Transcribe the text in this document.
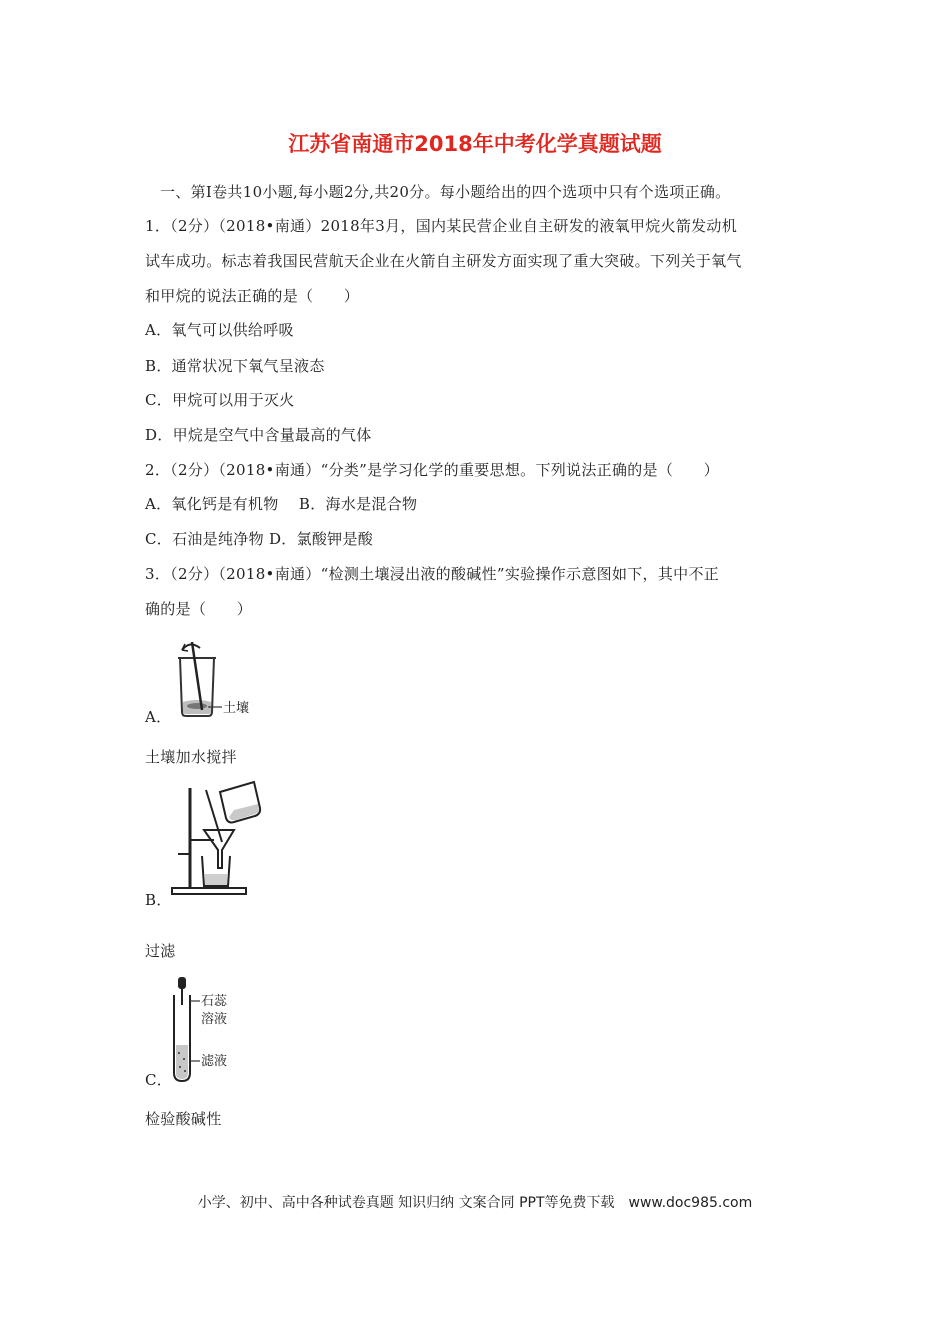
江苏省南通市2018年中考化学真题试题
一、第Ⅰ卷共10小题,每小题2分,共20分。每小题给出的四个选项中只有个选项正确。
1．（2分）（2018•南通）2018年3月，国内某民营企业自主研发的液氧甲烷火箭发动机
试车成功。标志着我国民营航天企业在火箭自主研发方面实现了重大突破。下列关于氧气
和甲烷的说法正确的是（　　）
A．氧气可以供给呼吸
B．通常状况下氧气呈液态
C．甲烷可以用于灭火
D．甲烷是空气中含量最高的气体
2．（2分）（2018•南通）“分类”是学习化学的重要思想。下列说法正确的是（　　）
A．氧化钙是有机物　 B．海水是混合物
C．石油是纯净物 D．氯酸钾是酸
3．（2分）（2018•南通）“检测土壤浸出液的酸碱性”实验操作示意图如下，其中不正
确的是（　　）
土壤
A．
土壤加水搅拌
B．
过滤
石蕊
溶液
滤液
C．
检验酸碱性
小学、初中、高中各种试卷真题 知识归纳 文案合同 PPT等免费下载　www.doc985.com
